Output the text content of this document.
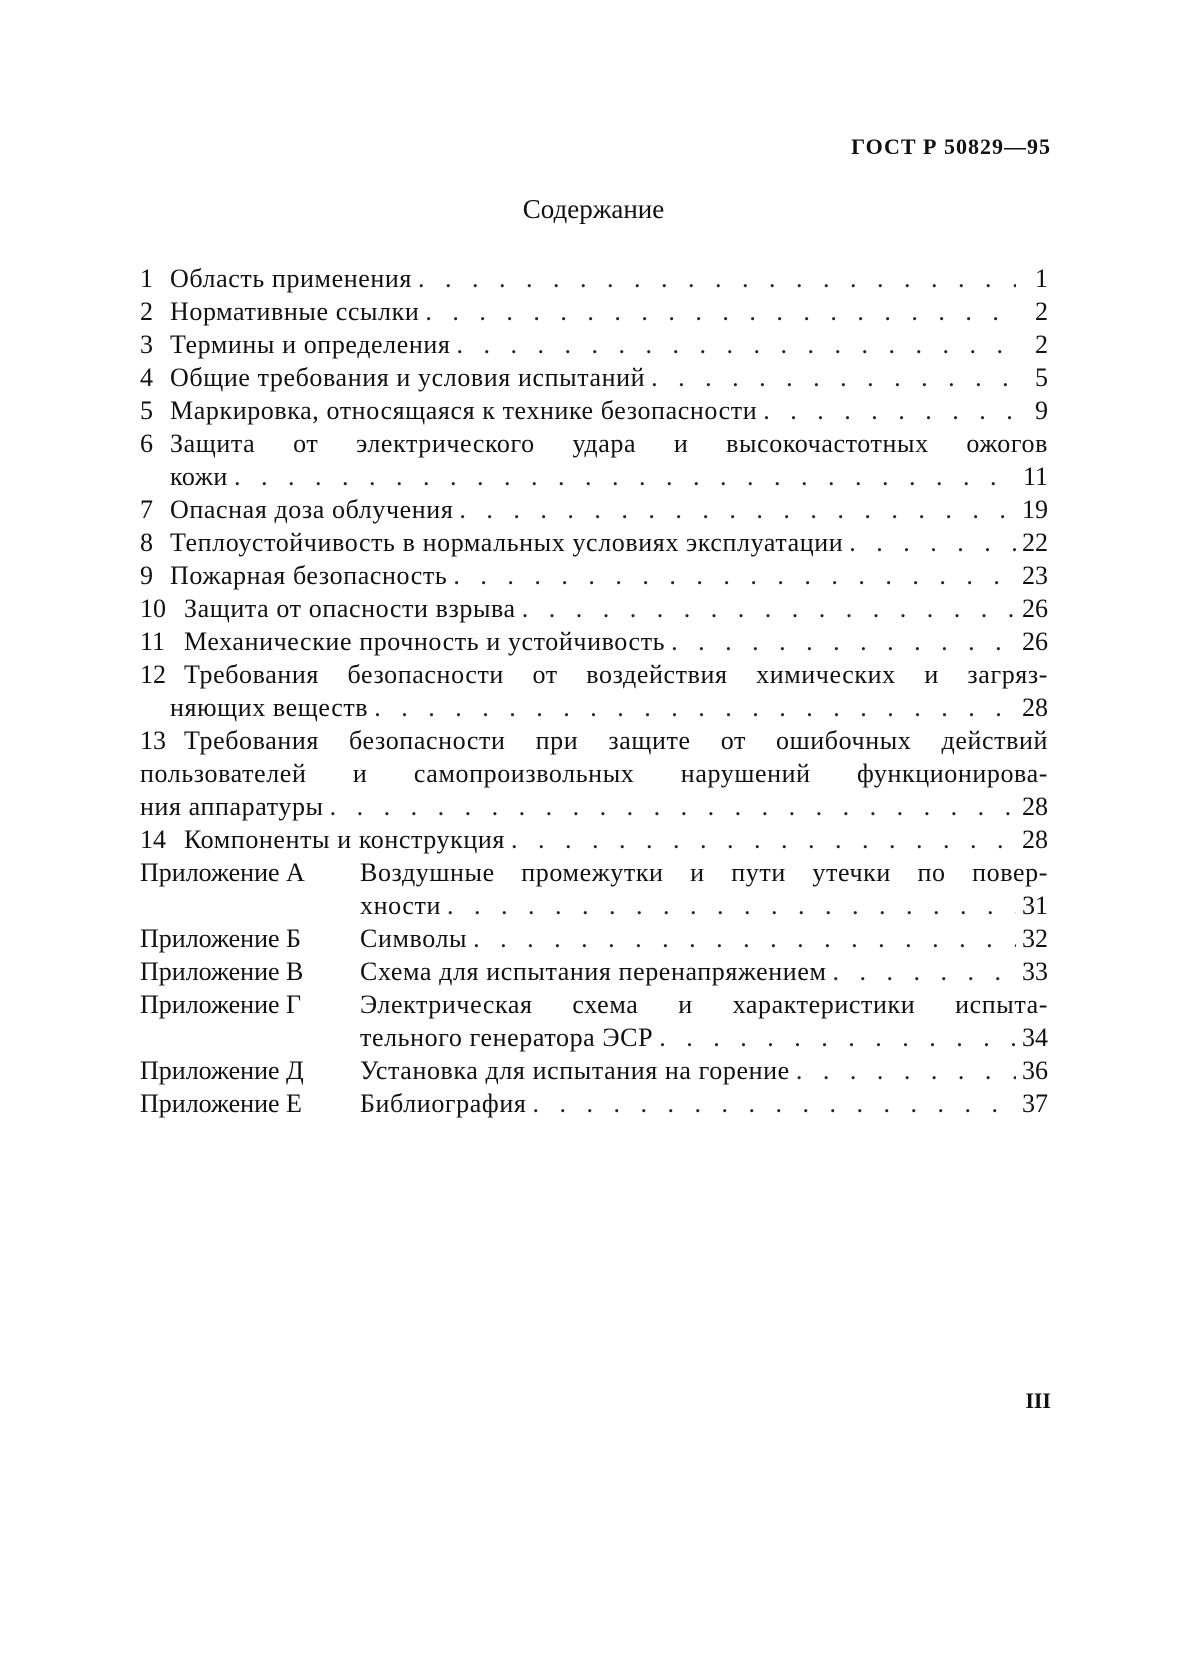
ГОСТ Р 50829—95
Содержание
1 Область применения . . .	1
2 Нормативные ссылки . . .	2
3 Термины и определения . . .	2
4 Общие требования и условия испытаний . . .	5
5 Маркировка, относящаяся к технике безопасности . . .	9
6 Защита от электрического удара и высокочастотных ожогов
кожи . . .	11
7 Опасная доза облучения . . .	19
8 Теплоустойчивость в нормальных условиях эксплуатации . . .	22
9 Пожарная безопасность . . .	23
10 Защита от опасности взрыва . . .	26
11 Механические прочность и устойчивость . . .	26
12 Требования безопасности от воздействия химических и загряз-
няющих веществ . . .	28
13 Требования безопасности при защите от ошибочных действий
пользователей и самопроизвольных нарушений функционирова-
ния аппаратуры . . .	28
14 Компоненты и конструкция . . .	28
Приложение А	Воздушные промежутки и пути утечки по повер-
хности . . .	31
Приложение Б	Символы . . .	32
Приложение В	Схема для испытания перенапряжением . . .	33
Приложение Г	Электрическая схема и характеристики испыта-
тельного генератора ЭСР . . .	34
Приложение Д	Установка для испытания на горение . . .	36
Приложение Е	Библиография . . .	37
III
